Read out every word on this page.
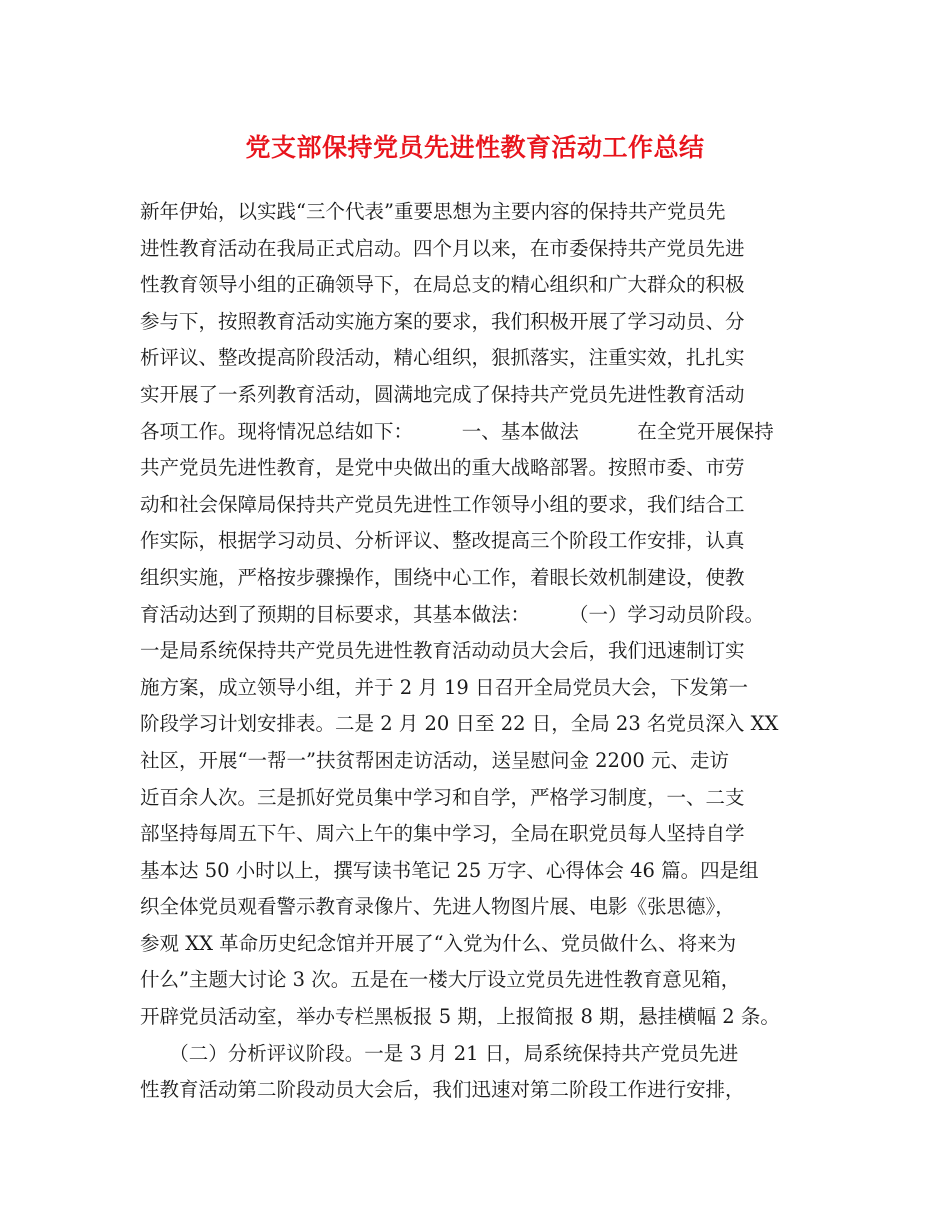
党支部保持党员先进性教育活动工作总结
新年伊始，以实践“三个代表”重要思想为主要内容的保持共产党员先
进性教育活动在我局正式启动。四个月以来，在市委保持共产党员先进
性教育领导小组的正确领导下，在局总支的精心组织和广大群众的积极
参与下，按照教育活动实施方案的要求，我们积极开展了学习动员、分
析评议、整改提高阶段活动，精心组织，狠抓落实，注重实效，扎扎实
实开展了一系列教育活动，圆满地完成了保持共产党员先进性教育活动
各项工作。现将情况总结如下：　　　一、基本做法　　　在全党开展保持
共产党员先进性教育，是党中央做出的重大战略部署。按照市委、市劳
动和社会保障局保持共产党员先进性工作领导小组的要求，我们结合工
作实际，根据学习动员、分析评议、整改提高三个阶段工作安排，认真
组织实施，严格按步骤操作，围绕中心工作，着眼长效机制建设，使教
育活动达到了预期的目标要求，其基本做法：　　　（一）学习动员阶段。
一是局系统保持共产党员先进性教育活动动员大会后，我们迅速制订实
施方案，成立领导小组，并于 2 月 19 日召开全局党员大会，下发第一
阶段学习计划安排表。二是 2 月 20 日至 22 日，全局 23 名党员深入 XX
社区，开展“一帮一”扶贫帮困走访活动，送呈慰问金 2200 元、走访
近百余人次。三是抓好党员集中学习和自学，严格学习制度，一、二支
部坚持每周五下午、周六上午的集中学习，全局在职党员每人坚持自学
基本达 50 小时以上，撰写读书笔记 25 万字、心得体会 46 篇。四是组
织全体党员观看警示教育录像片、先进人物图片展、电影《张思德》，
参观 XX 革命历史纪念馆并开展了“入党为什么、党员做什么、将来为
什么”主题大讨论 3 次。五是在一楼大厅设立党员先进性教育意见箱，
开辟党员活动室，举办专栏黑板报 5 期，上报简报 8 期，悬挂横幅 2 条。
　　（二）分析评议阶段。一是 3 月 21 日，局系统保持共产党员先进
性教育活动第二阶段动员大会后，我们迅速对第二阶段工作进行安排，
